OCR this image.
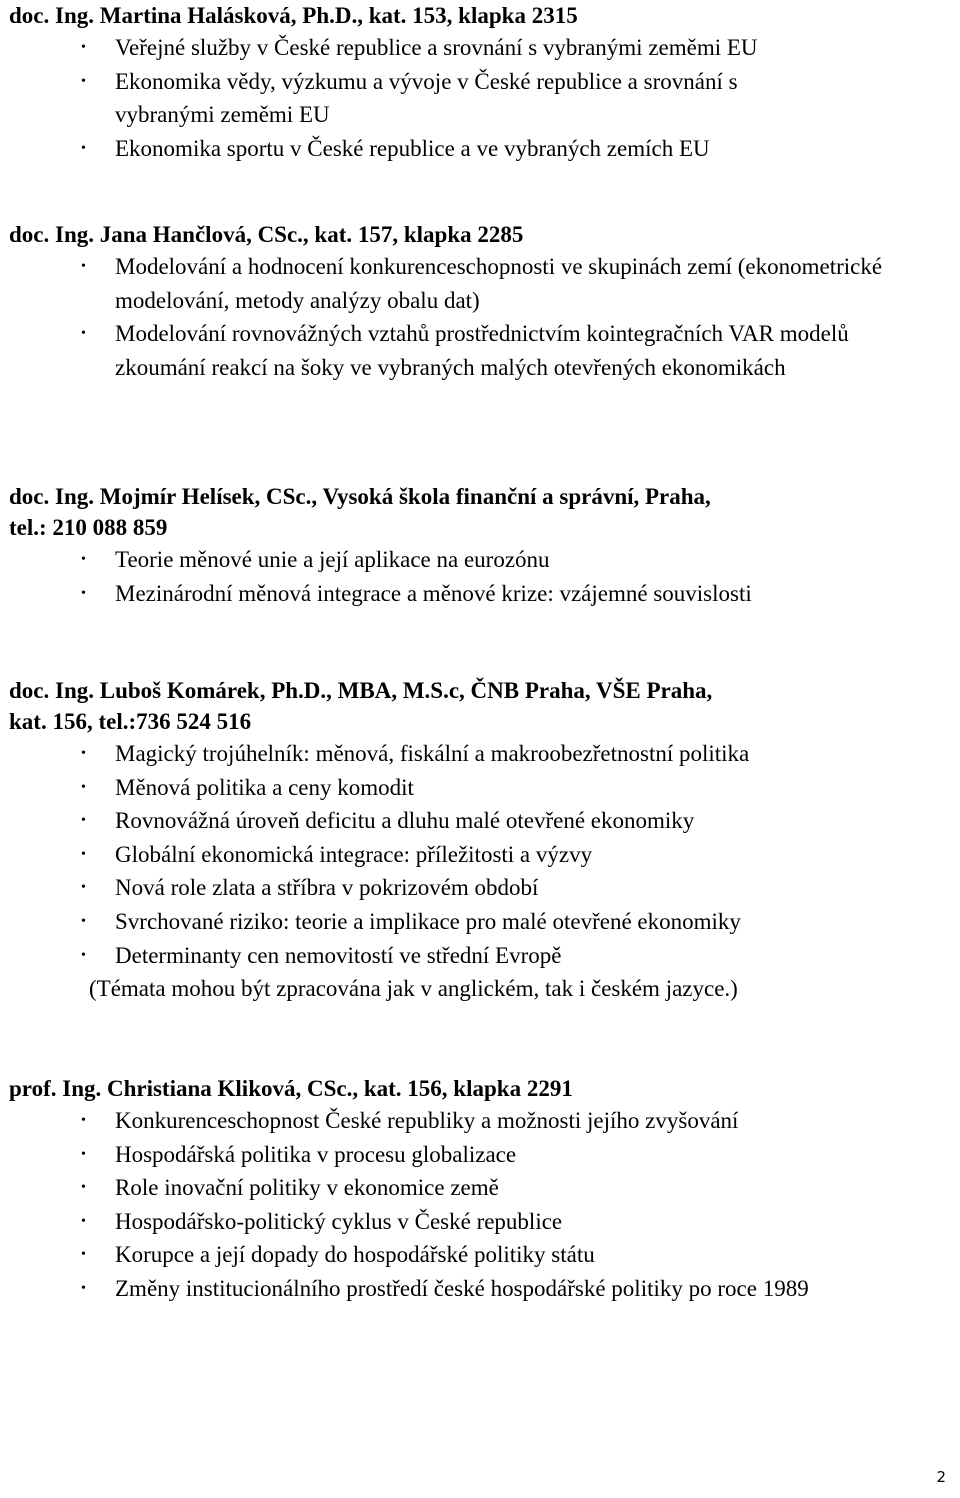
doc. Ing. Martina Halásková, Ph.D., kat. 153, klapka 2315
• Veřejné služby v České republice a srovnání s vybranými zeměmi EU
• Ekonomika vědy, výzkumu a vývoje v České republice a srovnání s vybranými zeměmi EU
• Ekonomika sportu v České republice a ve vybraných zemích EU
doc. Ing. Jana Hančlová, CSc., kat. 157, klapka 2285
• Modelování a hodnocení konkurenceschopnosti ve skupinách zemí (ekonometrické modelování, metody analýzy obalu dat)
• Modelování rovnovážných vztahů prostřednictvím kointegračních VAR modelů zkoumání reakcí na šoky ve vybraných malých otevřených ekonomikách
doc. Ing. Mojmír Helísek, CSc., Vysoká škola finanční a správní, Praha,
tel.: 210 088 859
• Teorie měnové unie a její aplikace na eurozónu
• Mezinárodní měnová integrace a měnové krize: vzájemné souvislosti
doc. Ing. Luboš Komárek, Ph.D., MBA, M.S.c, ČNB Praha, VŠE Praha,
kat. 156, tel.:736 524 516
• Magický trojúhelník: měnová, fiskální a makroobezřetnostní politika
• Měnová politika a ceny komodit
• Rovnovážná úroveň deficitu a dluhu malé otevřené ekonomiky
• Globální ekonomická integrace: příležitosti a výzvy
• Nová role zlata a stříbra v pokrizovém období
• Svrchované riziko: teorie a implikace pro malé otevřené ekonomiky
• Determinanty cen nemovitostí ve střední Evropě
(Témata mohou být zpracována jak v anglickém, tak i českém jazyce.)
prof. Ing. Christiana Kliková, CSc., kat. 156, klapka 2291
• Konkurenceschopnost České republiky a možnosti jejího zvyšování
• Hospodářská politika v procesu globalizace
• Role inovační politiky v ekonomice země
• Hospodářsko-politický cyklus v České republice
• Korupce a její dopady do hospodářské politiky státu
• Změny institucionálního prostředí české hospodářské politiky po roce 1989
2
